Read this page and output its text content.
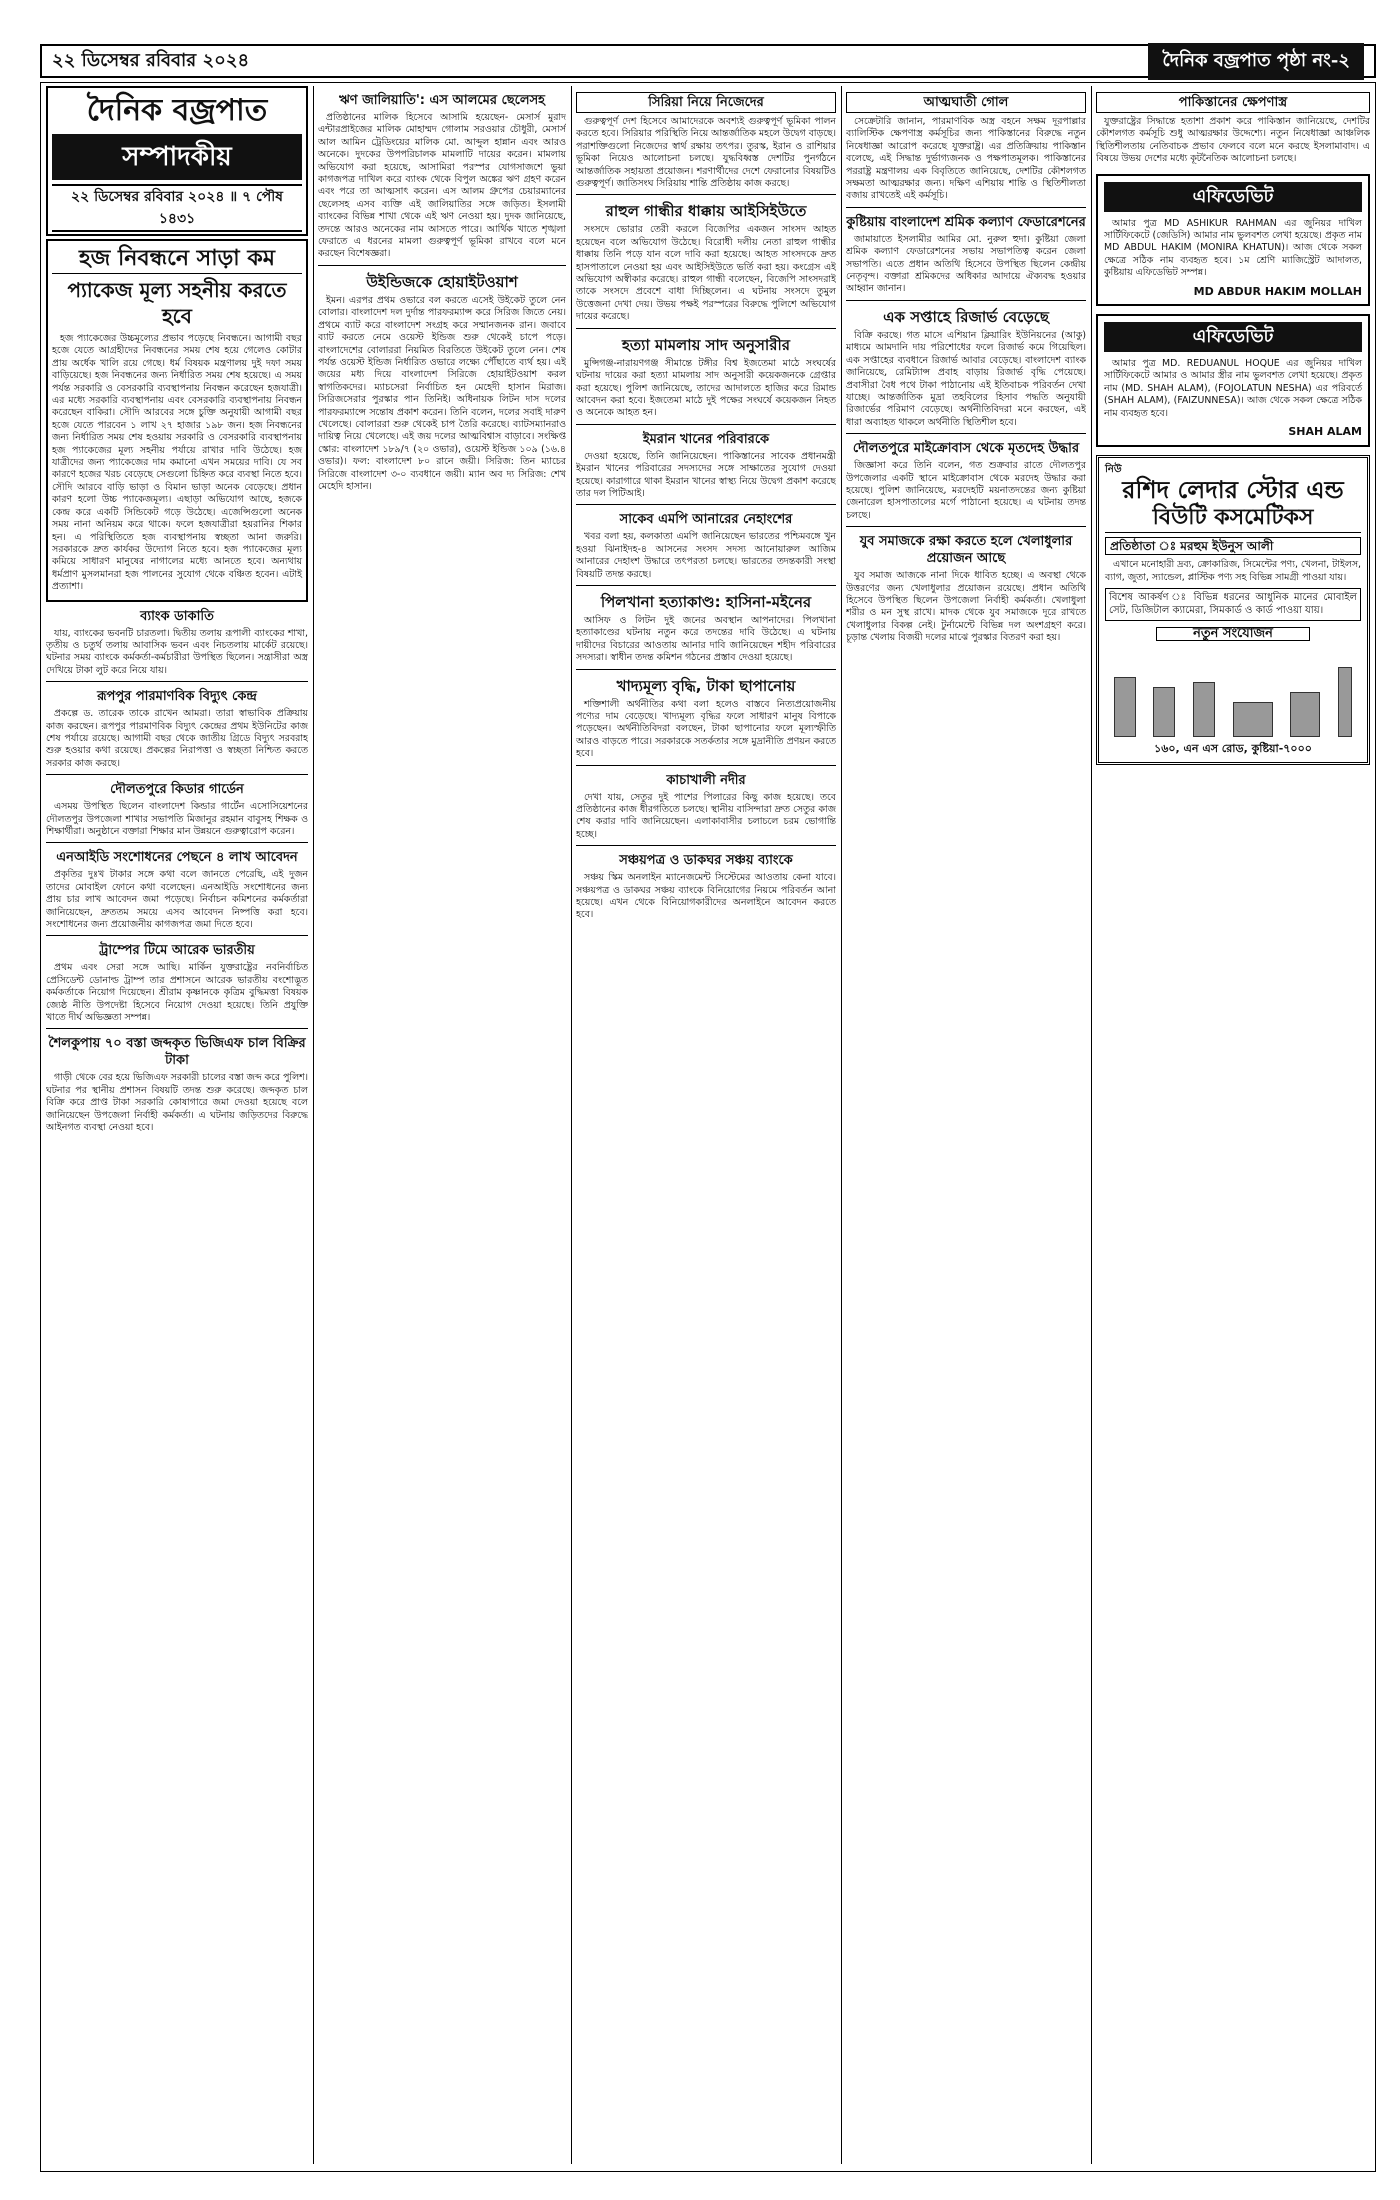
২২ ডিসেম্বর রবিবার ২০২৪	দৈনিক বজ্রপাত পৃষ্ঠা নং-২
দৈনিক বজ্রপাত
সম্পাদকীয়
২২ ডিসেম্বর রবিবার ২০২৪ ॥ ৭ পৌষ ১৪৩১
হজ নিবন্ধনে সাড়া কম
প্যাকেজ মূল্য সহনীয় করতে হবে

হজ প্যাকেজের উচ্চমূল্যের প্রভাব পড়েছে নিবন্ধনে। আগামী বছর হজে যেতে আগ্রহীদের নিবন্ধনের সময় শেষ হয়ে গেলেও কোটার প্রায় অর্ধেক খালি রয়ে গেছে। ধর্ম বিষয়ক মন্ত্রণালয় দুই দফা সময় বাড়িয়েছে। হজ নিবন্ধনের জন্য নির্ধারিত সময় শেষ হয়েছে। এ সময় পর্যন্ত সরকারি ও বেসরকারি ব্যবস্থাপনায় নিবন্ধন করেছেন হজযাত্রী। এর মধ্যে সরকারি ব্যবস্থাপনায় এবং বেসরকারি ব্যবস্থাপনায় নিবন্ধন করেছেন বাকিরা। সৌদি আরবের সঙ্গে চুক্তি অনুযায়ী আগামী বছর হজে যেতে পারবেন ১ লাখ ২৭ হাজার ১৯৮ জন। হজ নিবন্ধনের জন্য নির্ধারিত সময় শেষ হওয়ায় সরকারি ও বেসরকারি ব্যবস্থাপনায় হজ প্যাকেজের মূল্য সহনীয় পর্যায়ে রাখার দাবি উঠেছে। হজ যাত্রীদের জন্য প্যাকেজের দাম কমানো এখন সময়ের দাবি। যে সব কারণে হজের খরচ বেড়েছে সেগুলো চিহ্নিত করে ব্যবস্থা নিতে হবে। সৌদি আরবে বাড়ি ভাড়া ও বিমান ভাড়া অনেক বেড়েছে। প্রধান কারণ হলো উচ্চ প্যাকেজমূল্য। এছাড়া অভিযোগ আছে, হজকে কেন্দ্র করে একটি সিন্ডিকেট গড়ে উঠেছে। এজেন্সিগুলো অনেক সময় নানা অনিয়ম করে থাকে। ফলে হজযাত্রীরা হয়রানির শিকার হন। এ পরিস্থিতিতে হজ ব্যবস্থাপনায় স্বচ্ছতা আনা জরুরি। সরকারকে দ্রুত কার্যকর উদ্যোগ নিতে হবে। হজ প্যাকেজের মূল্য কমিয়ে সাধারণ মানুষের নাগালের মধ্যে আনতে হবে। অন্যথায় ধর্মপ্রাণ মুসলমানরা হজ পালনের সুযোগ থেকে বঞ্চিত হবেন। এটাই প্রত্যাশা।

ব্যাংক ডাকাতি

যায়, ব্যাংকের ভবনটি চারতলা। দ্বিতীয় তলায় রূপালী ব্যাংকের শাখা, তৃতীয় ও চতুর্থ তলায় আবাসিক ভবন এবং নিচতলায় মার্কেট রয়েছে। ঘটনার সময় ব্যাংকে কর্মকর্তা-কর্মচারীরা উপস্থিত ছিলেন। সন্ত্রাসীরা অস্ত্র দেখিয়ে টাকা লুট করে নিয়ে যায়।

রূপপুর পারমাণবিক বিদ্যুৎ কেন্দ্র

প্রকল্পে ড. তারেক তাকে রাখেন আমরা। তারা স্বাভাবিক প্রক্রিয়ায় কাজ করছেন। রূপপুর পারমাণবিক বিদ্যুৎ কেন্দ্রের প্রথম ইউনিটের কাজ শেষ পর্যায়ে রয়েছে। আগামী বছর থেকে জাতীয় গ্রিডে বিদ্যুৎ সরবরাহ শুরু হওয়ার কথা রয়েছে। প্রকল্পের নিরাপত্তা ও স্বচ্ছতা নিশ্চিত করতে সরকার কাজ করছে।

দৌলতপুরে কিডার গার্ডেন

এসময় উপস্থিত ছিলেন বাংলাদেশ কিন্ডার গার্টেন এসোসিয়েশনের দৌলতপুর উপজেলা শাখার সভাপতি মিজানুর রহমান বাবুসহ শিক্ষক ও শিক্ষার্থীরা। অনুষ্ঠানে বক্তারা শিক্ষার মান উন্নয়নে গুরুত্বারোপ করেন।

এনআইডি সংশোধনের পেছনে ৪ লাখ আবেদন

প্রকৃতির দুঃখ টাকার সঙ্গে কথা বলে জানতে পেরেছি, এই দুজন তাদের মোবাইল ফোনে কথা বলেছেন। এনআইডি সংশোধনের জন্য প্রায় চার লাখ আবেদন জমা পড়েছে। নির্বাচন কমিশনের কর্মকর্তারা জানিয়েছেন, দ্রুততম সময়ে এসব আবেদন নিষ্পত্তি করা হবে। সংশোধনের জন্য প্রয়োজনীয় কাগজপত্র জমা দিতে হবে।

ট্রাম্পের টিমে আরেক ভারতীয়

প্রথম এবং সেরা সঙ্গে আছি। মার্কিন যুক্তরাষ্ট্রের নবনির্বাচিত প্রেসিডেন্ট ডোনাল্ড ট্রাম্প তার প্রশাসনে আরেক ভারতীয় বংশোদ্ভূত কর্মকর্তাকে নিয়োগ দিয়েছেন। শ্রীরাম কৃষ্ণানকে কৃত্রিম বুদ্ধিমত্তা বিষয়ক জ্যেষ্ঠ নীতি উপদেষ্টা হিসেবে নিয়োগ দেওয়া হয়েছে। তিনি প্রযুক্তি খাতে দীর্ঘ অভিজ্ঞতা সম্পন্ন।

শৈলকুপায় ৭০ বস্তা জব্দকৃত ভিজিএফ চাল বিক্রির টাকা

গাড়ী থেকে বের হয়ে ভিজিএফ সরকারী চালের বস্তা জব্দ করে পুলিশ। ঘটনার পর স্থানীয় প্রশাসন বিষয়টি তদন্ত শুরু করেছে। জব্দকৃত চাল বিক্রি করে প্রাপ্ত টাকা সরকারি কোষাগারে জমা দেওয়া হয়েছে বলে জানিয়েছেন উপজেলা নির্বাহী কর্মকর্তা। এ ঘটনায় জড়িতদের বিরুদ্ধে আইনগত ব্যবস্থা নেওয়া হবে।

ঋণ জালিয়াতি': এস আলমের ছেলেসহ

প্রতিষ্ঠানের মালিক হিসেবে আসামি হয়েছেন- মেসার্স মুরাদ এন্টারপ্রাইজের মালিক মোহাম্মদ গোলাম সরওয়ার চৌধুরী, মেসার্স আল আমিন ট্রেডিংয়ের মালিক মো. আব্দুল হান্নান এবং আরও অনেকে। দুদকের উপপরিচালক মামলাটি দায়ের করেন। মামলায় অভিযোগ করা হয়েছে, আসামিরা পরস্পর যোগসাজশে ভুয়া কাগজপত্র দাখিল করে ব্যাংক থেকে বিপুল অঙ্কের ঋণ গ্রহণ করেন এবং পরে তা আত্মসাৎ করেন। এস আলম গ্রুপের চেয়ারম্যানের ছেলেসহ এসব ব্যক্তি এই জালিয়াতির সঙ্গে জড়িত। ইসলামী ব্যাংকের বিভিন্ন শাখা থেকে এই ঋণ নেওয়া হয়। দুদক জানিয়েছে, তদন্তে আরও অনেকের নাম আসতে পারে। আর্থিক খাতে শৃঙ্খলা ফেরাতে এ ধরনের মামলা গুরুত্বপূর্ণ ভূমিকা রাখবে বলে মনে করছেন বিশেষজ্ঞরা।

উইন্ডিজকে হোয়াইটওয়াশ

ইমন। এরপর প্রথম ওভারে বল করতে এসেই উইকেট তুলে নেন বোলার। বাংলাদেশ দল দুর্দান্ত পারফরম্যান্স করে সিরিজ জিতে নেয়। প্রথমে ব্যাট করে বাংলাদেশ সংগ্রহ করে সম্মানজনক রান। জবাবে ব্যাট করতে নেমে ওয়েস্ট ইন্ডিজ শুরু থেকেই চাপে পড়ে। বাংলাদেশের বোলাররা নিয়মিত বিরতিতে উইকেট তুলে নেন। শেষ পর্যন্ত ওয়েস্ট ইন্ডিজ নির্ধারিত ওভারে লক্ষ্যে পৌঁছাতে ব্যর্থ হয়। এই জয়ের মধ্য দিয়ে বাংলাদেশ সিরিজে হোয়াইটওয়াশ করল স্বাগতিকদের। ম্যাচসেরা নির্বাচিত হন মেহেদী হাসান মিরাজ। সিরিজসেরার পুরস্কার পান তিনিই। অধিনায়ক লিটন দাস দলের পারফরম্যান্সে সন্তোষ প্রকাশ করেন। তিনি বলেন, দলের সবাই দারুণ খেলেছে। বোলাররা শুরু থেকেই চাপ তৈরি করেছে। ব্যাটসম্যানরাও দায়িত্ব নিয়ে খেলেছে। এই জয় দলের আত্মবিশ্বাস বাড়াবে। সংক্ষিপ্ত স্কোর: বাংলাদেশ ১৮৯/৭ (২০ ওভার), ওয়েস্ট ইন্ডিজ ১০৯ (১৬.৪ ওভার)। ফল: বাংলাদেশ ৮০ রানে জয়ী। সিরিজ: তিন ম্যাচের সিরিজে বাংলাদেশ ৩-০ ব্যবধানে জয়ী। ম্যান অব দ্য সিরিজ: শেখ মেহেদি হাসান।

সিরিয়া নিয়ে নিজেদের

গুরুত্বপূর্ণ দেশ হিসেবে আমাদেরকে অবশ্যই গুরুত্বপূর্ণ ভূমিকা পালন করতে হবে। সিরিয়ার পরিস্থিতি নিয়ে আন্তর্জাতিক মহলে উদ্বেগ বাড়ছে। পরাশক্তিগুলো নিজেদের স্বার্থ রক্ষায় তৎপর। তুরস্ক, ইরান ও রাশিয়ার ভূমিকা নিয়েও আলোচনা চলছে। যুদ্ধবিধ্বস্ত দেশটির পুনর্গঠনে আন্তর্জাতিক সহায়তা প্রয়োজন। শরণার্থীদের দেশে ফেরানোর বিষয়টিও গুরুত্বপূর্ণ। জাতিসংঘ সিরিয়ায় শান্তি প্রতিষ্ঠায় কাজ করছে।

রাহুল গান্ধীর ধাক্কায় আইসিইউতে

সংসদে ভোরার তেরী করলে বিজেপির একজন সাংসদ আহত হয়েছেন বলে অভিযোগ উঠেছে। বিরোধী দলীয় নেতা রাহুল গান্ধীর ধাক্কায় তিনি পড়ে যান বলে দাবি করা হয়েছে। আহত সাংসদকে দ্রুত হাসপাতালে নেওয়া হয় এবং আইসিইউতে ভর্তি করা হয়। কংগ্রেস এই অভিযোগ অস্বীকার করেছে। রাহুল গান্ধী বলেছেন, বিজেপি সাংসদরাই তাকে সংসদে প্রবেশে বাধা দিচ্ছিলেন। এ ঘটনায় সংসদে তুমুল উত্তেজনা দেখা দেয়। উভয় পক্ষই পরস্পরের বিরুদ্ধে পুলিশে অভিযোগ দায়ের করেছে।

হত্যা মামলায় সাদ অনুসারীর

মুন্সিগঞ্জ-নারায়ণগঞ্জ সীমান্তে টঙ্গীর বিশ্ব ইজতেমা মাঠে সংঘর্ষের ঘটনায় দায়ের করা হত্যা মামলায় সাদ অনুসারী কয়েকজনকে গ্রেপ্তার করা হয়েছে। পুলিশ জানিয়েছে, তাদের আদালতে হাজির করে রিমান্ড আবেদন করা হবে। ইজতেমা মাঠে দুই পক্ষের সংঘর্ষে কয়েকজন নিহত ও অনেকে আহত হন।

ইমরান খানের পরিবারকে

দেওয়া হয়েছে, তিনি জানিয়েছেন। পাকিস্তানের সাবেক প্রধানমন্ত্রী ইমরান খানের পরিবারের সদস্যদের সঙ্গে সাক্ষাতের সুযোগ দেওয়া হয়েছে। কারাগারে থাকা ইমরান খানের স্বাস্থ্য নিয়ে উদ্বেগ প্রকাশ করেছে তার দল পিটিআই।

সাকেব এমপি আনারের নেহাংশের

খবর বলা হয়, কলকাতা এমপি জানিয়েছেন ভারতের পশ্চিমবঙ্গে খুন হওয়া ঝিনাইদহ-৪ আসনের সংসদ সদস্য আনোয়ারুল আজিম আনারের দেহাংশ উদ্ধারে তৎপরতা চলছে। ভারতের তদন্তকারী সংস্থা বিষয়টি তদন্ত করছে।

পিলখানা হত্যাকাণ্ড: হাসিনা-মইনের

আসিফ ও লিটন দুই জনের অবস্থান আপনাদের। পিলখানা হত্যাকাণ্ডের ঘটনায় নতুন করে তদন্তের দাবি উঠেছে। এ ঘটনায় দায়ীদের বিচারের আওতায় আনার দাবি জানিয়েছেন শহীদ পরিবারের সদস্যরা। স্বাধীন তদন্ত কমিশন গঠনের প্রস্তাব দেওয়া হয়েছে।

খাদ্যমূল্য বৃদ্ধি, টাকা ছাপানোয়

শক্তিশালী অর্থনীতির কথা বলা হলেও বাস্তবে নিত্যপ্রয়োজনীয় পণ্যের দাম বেড়েছে। খাদ্যমূল্য বৃদ্ধির ফলে সাধারণ মানুষ বিপাকে পড়েছেন। অর্থনীতিবিদরা বলছেন, টাকা ছাপানোর ফলে মূল্যস্ফীতি আরও বাড়তে পারে। সরকারকে সতর্কতার সঙ্গে মুদ্রানীতি প্রণয়ন করতে হবে।

কাচাখালী নদীর

দেখা যায়, সেতুর দুই পাশের পিলারের কিছু কাজ হয়েছে। তবে প্রতিষ্ঠানের কাজ ধীরগতিতে চলছে। স্থানীয় বাসিন্দারা দ্রুত সেতুর কাজ শেষ করার দাবি জানিয়েছেন। এলাকাবাসীর চলাচলে চরম ভোগান্তি হচ্ছে।

সঞ্চয়পত্র ও ডাকঘর সঞ্চয় ব্যাংকে

সঞ্চয় স্কিম অনলাইন ম্যানেজমেন্ট সিস্টেমের আওতায় কেনা যাবে। সঞ্চয়পত্র ও ডাকঘর সঞ্চয় ব্যাংকে বিনিয়োগের নিয়মে পরিবর্তন আনা হয়েছে। এখন থেকে বিনিয়োগকারীদের অনলাইনে আবেদন করতে হবে।

আত্মঘাতী গোল

সেক্রেটারি জানান, পারমাণবিক অস্ত্র বহনে সক্ষম দূরপাল্লার ব্যালিস্টিক ক্ষেপণাস্ত্র কর্মসূচির জন্য পাকিস্তানের বিরুদ্ধে নতুন নিষেধাজ্ঞা আরোপ করেছে যুক্তরাষ্ট্র। এর প্রতিক্রিয়ায় পাকিস্তান বলেছে, এই সিদ্ধান্ত দুর্ভাগ্যজনক ও পক্ষপাতমূলক। পাকিস্তানের পররাষ্ট্র মন্ত্রণালয় এক বিবৃতিতে জানিয়েছে, দেশটির কৌশলগত সক্ষমতা আত্মরক্ষার জন্য। দক্ষিণ এশিয়ায় শান্তি ও স্থিতিশীলতা বজায় রাখতেই এই কর্মসূচি।

কুষ্টিয়ায় বাংলাদেশ শ্রমিক কল্যাণ ফেডারেশনের

জামায়াতে ইসলামীর আমির মো. নুরুল হুদা। কুষ্টিয়া জেলা শ্রমিক কল্যাণ ফেডারেশনের সভায় সভাপতিত্ব করেন জেলা সভাপতি। এতে প্রধান অতিথি হিসেবে উপস্থিত ছিলেন কেন্দ্রীয় নেতৃবৃন্দ। বক্তারা শ্রমিকদের অধিকার আদায়ে ঐক্যবদ্ধ হওয়ার আহ্বান জানান।

এক সপ্তাহে রিজার্ভ বেড়েছে

বিক্রি করছে। গত মাসে এশিয়ান ক্লিয়ারিং ইউনিয়নের (আকু) মাধ্যমে আমদানি দায় পরিশোধের ফলে রিজার্ভ কমে গিয়েছিল। এক সপ্তাহের ব্যবধানে রিজার্ভ আবার বেড়েছে। বাংলাদেশ ব্যাংক জানিয়েছে, রেমিট্যান্স প্রবাহ বাড়ায় রিজার্ভ বৃদ্ধি পেয়েছে। প্রবাসীরা বৈধ পথে টাকা পাঠানোয় এই ইতিবাচক পরিবর্তন দেখা যাচ্ছে। আন্তর্জাতিক মুদ্রা তহবিলের হিসাব পদ্ধতি অনুযায়ী রিজার্ভের পরিমাণ বেড়েছে। অর্থনীতিবিদরা মনে করছেন, এই ধারা অব্যাহত থাকলে অর্থনীতি স্থিতিশীল হবে।

দৌলতপুরে মাইক্রোবাস থেকে মৃতদেহ উদ্ধার

জিজ্ঞাসা করে তিনি বলেন, গত শুক্রবার রাতে দৌলতপুর উপজেলার একটি স্থানে মাইক্রোবাস থেকে মরদেহ উদ্ধার করা হয়েছে। পুলিশ জানিয়েছে, মরদেহটি ময়নাতদন্তের জন্য কুষ্টিয়া জেনারেল হাসপাতালের মর্গে পাঠানো হয়েছে। এ ঘটনায় তদন্ত চলছে।

যুব সমাজকে রক্ষা করতে হলে খেলাধুলার প্রয়োজন আছে

যুব সমাজ আজকে নানা দিকে ধাবিত হচ্ছে। এ অবস্থা থেকে উত্তরণের জন্য খেলাধুলার প্রয়োজন রয়েছে। প্রধান অতিথি হিসেবে উপস্থিত ছিলেন উপজেলা নির্বাহী কর্মকর্তা। খেলাধুলা শরীর ও মন সুস্থ রাখে। মাদক থেকে যুব সমাজকে দূরে রাখতে খেলাধুলার বিকল্প নেই। টুর্নামেন্টে বিভিন্ন দল অংশগ্রহণ করে। চূড়ান্ত খেলায় বিজয়ী দলের মাঝে পুরস্কার বিতরণ করা হয়।

পাকিস্তানের ক্ষেপণাস্ত্র

যুক্তরাষ্ট্রের সিদ্ধান্তে হতাশা প্রকাশ করে পাকিস্তান জানিয়েছে, দেশটির কৌশলগত কর্মসূচি শুধু আত্মরক্ষার উদ্দেশ্যে। নতুন নিষেধাজ্ঞা আঞ্চলিক স্থিতিশীলতায় নেতিবাচক প্রভাব ফেলবে বলে মনে করছে ইসলামাবাদ। এ বিষয়ে উভয় দেশের মধ্যে কূটনৈতিক আলোচনা চলছে।

এফিডেভিট

আমার পুত্র MD ASHIKUR RAHMAN এর জুনিয়র দাখিল সার্টিফিকেটে (জেডিসি) আমার নাম ভুলবশত লেখা হয়েছে। প্রকৃত নাম MD ABDUL HAKIM (MONIRA KHATUN)। আজ থেকে সকল ক্ষেত্রে সঠিক নাম ব্যবহৃত হবে। ১ম শ্রেণি ম্যাজিস্ট্রেট আদালত, কুষ্টিয়ায় এফিডেভিট সম্পন্ন।

MD ABDUR HAKIM MOLLAH
এফিডেভিট

আমার পুত্র MD. REDUANUL HOQUE এর জুনিয়র দাখিল সার্টিফিকেটে আমার ও আমার স্ত্রীর নাম ভুলবশত লেখা হয়েছে। প্রকৃত নাম (MD. SHAH ALAM), (FOJOLATUN NESHA) এর পরিবর্তে (SHAH ALAM), (FAIZUNNESA)। আজ থেকে সকল ক্ষেত্রে সঠিক নাম ব্যবহৃত হবে।

SHAH ALAM
নিউ
রশিদ লেদার স্টোর এন্ড
বিউটি কসমেটিকস
প্রতিষ্ঠাতা ঃ মরহুম ইউনুস আলী

এখানে মনোহারী দ্রব্য, ক্রোকারিজ, সিমেন্টের পণ্য, খেলনা, টাইলস, ব্যাগ, জুতা, স্যান্ডেল, প্লাস্টিক পণ্য সহ বিভিন্ন সামগ্রী পাওয়া যায়।

বিশেষ আকর্ষণ ঃ বিভিন্ন ধরনের আধুনিক মানের মোবাইল সেট, ডিজিটাল ক্যামেরা, সিমকার্ড ও কার্ড পাওয়া যায়।
নতুন সংযোজন
১৬০, এন এস রোড, কুষ্টিয়া-৭০০০
